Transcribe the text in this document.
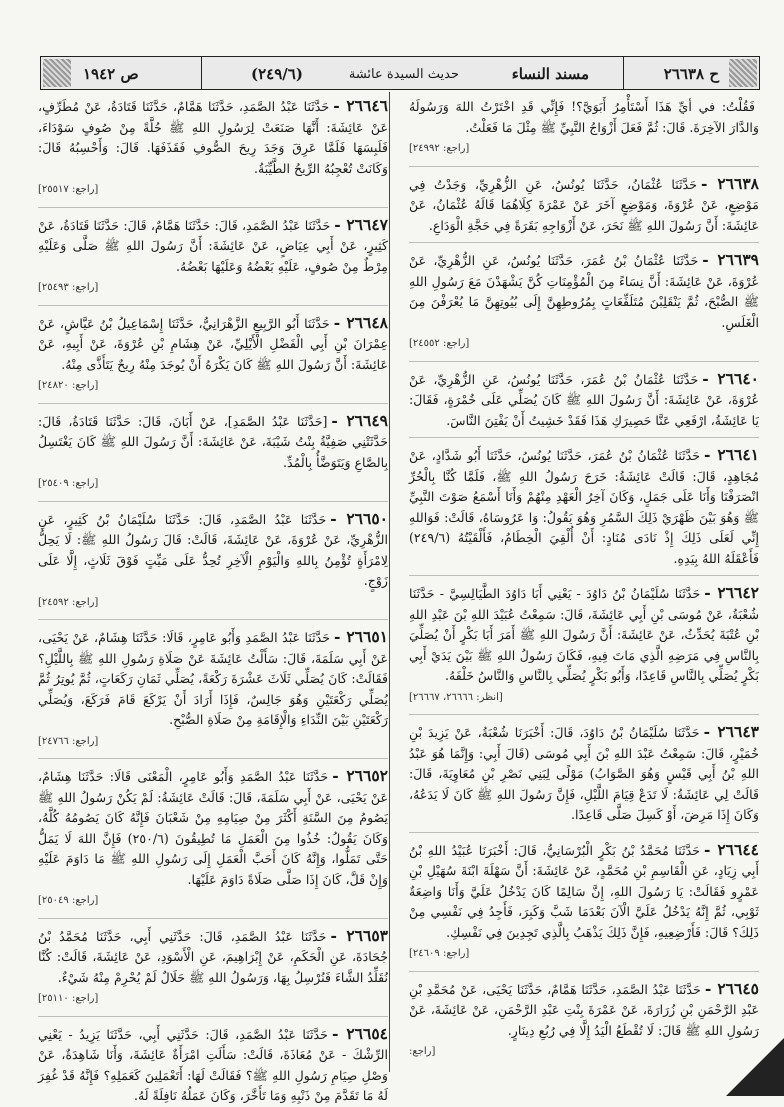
ح ٢٦٦٣٨
مسند النساء
حديث السيدة عائشة
(٢٤٩/٦)
ص ١٩٤٢
فَقُلْتُ: في أيِّ هَذَا أَسْتَأْمِرُ أَبَوَيَّ؟! فَإِنِّي قَدِ اخْتَرْتُ اللهَ وَرَسُولَهُ وَالدَّارَ الآخِرَةَ. قَالَ: ثُمَّ فَعَلَ أَزْوَاجُ النَّبِيِّ ﷺ مِثْلَ مَا فَعَلْتُ.
[راجع: ٢٤٩٩٢]
٢٦٦٣٨ -حَدَّثَنَا عُثْمَانُ، حَدَّثَنَا يُونُسُ، عَنِ الزُّهْرِيِّ، وَجَدْتُ فِي مَوْضِعٍ، عَنْ عُرْوَةَ، وَمَوْضِعٍ آخَرَ عَنْ عَمْرَةَ كِلَاهُمَا قَالَهُ عُثْمَانُ، عَنْ عَائِشَةَ: أَنَّ رَسُولَ اللهِ ﷺ نَحَرَ، عَنْ أَزْوَاجِهِ بَقَرَةً فِي حَجَّةِ الْوَدَاعِ.
٢٦٦٣٩ -حَدَّثَنَا عُثْمَانُ بْنُ عُمَرَ، حَدَّثَنَا يُونُسُ، عَنِ الزُّهْرِيِّ، عَنْ عُرْوَةَ، عَنْ عَائِشَةَ: أَنَّ نِسَاءً مِنَ الْمُؤْمِنَاتِ كُنَّ يَشْهَدْنَ مَعَ رَسُولِ اللهِ ﷺ الصُّبْحَ، ثُمَّ يَنْقَلِبْنَ مُتَلَفِّعَاتٍ بِمُرُوطِهِنَّ إِلَى بُيُوتِهِنَّ مَا يُعْرَفْنَ مِنَ الْغَلَسِ.
[راجع: ٢٤٥٥٢]
٢٦٦٤٠ -حَدَّثَنَا عُثْمَانُ بْنُ عُمَرَ، حَدَّثَنَا يُونُسُ، عَنِ الزُّهْرِيِّ، عَنْ عُرْوَةَ، عَنْ عَائِشَةَ: أَنَّ رَسُولَ اللهِ ﷺ كَانَ يُصَلِّي عَلَى خُمْرَةٍ، فَقَالَ: يَا عَائِشَةُ، ارْفَعِي عَنَّا حَصِيرَكِ هَذَا فَقَدْ خَشِيتُ أَنْ يَفْتِنَ النَّاسَ.
٢٦٦٤١ -حَدَّثَنَا عُثْمَانُ بْنُ عُمَرَ، حَدَّثَنَا يُونُسُ، حَدَّثَنَا أَبُو شَدَّادٍ، عَنْ مُجَاهِدٍ، قَالَ: قَالَتْ عَائِشَةُ: خَرَجَ رَسُولُ اللهِ ﷺ، فَلَمَّا كُنَّا بِالْحُرِّ انْصَرَفْنَا وَأَنَا عَلَى جَمَلٍ، وَكَانَ آخِرُ الْعَهْدِ مِنْهُمْ وَأَنَا أَسْمَعُ صَوْتَ النَّبِيِّ ﷺ وَهُوَ بَيْنَ ظَهْرَيْ ذَلِكَ السَّمُرِ وَهُوَ يَقُولُ: وَا عَرُوسَاهُ، قَالَتْ: فَوَاللهِ إِنِّي لَعَلَى ذَلِكَ إِذْ نَادَى مُنَادٍ: أَنْ أُلْقِيَ الْخِطَامُ، فَأَلْقَيْتُهُ (٢٤٩/٦) فَأَعْقَلَهُ اللهُ بِيَدِهِ.
٢٦٦٤٢ -حَدَّثَنَا سُلَيْمَانُ بْنُ دَاوُدَ - يَعْنِي أَبَا دَاوُدَ الطَّيَالِسِيَّ - حَدَّثَنَا شُعْبَةُ، عَنْ مُوسَى بْنِ أَبِي عَائِشَةَ، قَالَ: سَمِعْتُ عُبَيْدَ اللهِ بْنَ عَبْدِ اللهِ بْنِ عُتْبَةَ يُحَدِّثُ، عَنْ عَائِشَةَ: أَنَّ رَسُولَ اللهِ ﷺ أَمَرَ أَبَا بَكْرٍ أَنْ يُصَلِّيَ بِالنَّاسِ فِي مَرَضِهِ الَّذِي مَاتَ فِيهِ، فَكَانَ رَسُولُ اللهِ ﷺ بَيْنَ يَدَيْ أَبِي بَكْرٍ يُصَلِّي بِالنَّاسِ قَاعِدًا، وَأَبُو بَكْرٍ يُصَلِّي بِالنَّاسِ وَالنَّاسُ خَلْفَهُ.
[انظر: ٢٦٦٦٦، ٢٦٦٦٧]
٢٦٦٤٣ -حَدَّثَنَا سُلَيْمَانُ بْنُ دَاوُدَ، قَالَ: أَخْبَرَنَا شُعْبَةُ، عَنْ يَزِيدَ بْنِ خُمَيْرٍ، قَالَ: سَمِعْتُ عَبْدَ اللهِ بْنَ أَبِي مُوسَى (قَالَ أَبِي: وَإِنَّمَا هُوَ عَبْدُ اللهِ بْنُ أَبِي قَيْسٍ وَهُوَ الصَّوَابُ) مَوْلًى لِبَنِي نَصْرِ بْنِ مُعَاوِيَةَ، قَالَ: قَالَتْ لِي عَائِشَةُ: لَا تَدَعْ قِيَامَ اللَّيْلِ، فَإِنَّ رَسُولَ اللهِ ﷺ كَانَ لَا يَدَعُهُ، وَكَانَ إِذَا مَرِضَ، أَوْ كَسِلَ صَلَّى قَاعِدًا.
٢٦٦٤٤ -حَدَّثَنَا مُحَمَّدُ بْنُ بَكْرٍ الْبُرْسَانِيُّ، قَالَ: أَخْبَرَنَا عُبَيْدُ اللهِ بْنُ أَبِي زِيَادٍ، عَنِ الْقَاسِمِ بْنِ مُحَمَّدٍ، عَنْ عَائِشَةَ: أَنَّ سَهْلَةَ ابْنَةَ سُهَيْلِ بْنِ عَمْرٍو فَقَالَتْ: يَا رَسُولَ اللهِ، إِنَّ سَالِمًا كَانَ يَدْخُلُ عَلَيَّ وَأَنَا وَاضِعَةٌ ثَوْبِي، ثُمَّ إِنَّهُ يَدْخُلُ عَلَيَّ الْآنَ بَعْدَمَا شَبَّ وَكَبِرَ، فَأَجِدُ فِي نَفْسِي مِنْ ذَلِكَ؟ قَالَ: فَأَرْضِعِيهِ، فَإِنَّ ذَلِكَ يَذْهَبُ بِالَّذِي تَجِدِينَ فِي نَفْسِكِ.
[راجع: ٢٤٦٠٩]
٢٦٦٤٥ -حَدَّثَنَا عَبْدُ الصَّمَدِ، حَدَّثَنَا هَمَّامٌ، حَدَّثَنَا يَحْيَى، عَنْ مُحَمَّدِ بْنِ عَبْدِ الرَّحْمَنِ بْنِ زُرَارَةَ، عَنْ عَمْرَةَ بِنْتِ عَبْدِ الرَّحْمَنِ، عَنْ عَائِشَةَ، عَنْ رَسُولِ اللهِ ﷺ قَالَ: لَا تُقْطَعُ الْيَدُ إِلَّا فِي رُبُعِ دِينَارٍ.
[راجع:
٢٦٦٤٦ -حَدَّثَنَا عَبْدُ الصَّمَدِ، حَدَّثَنَا هَمَّامٌ، حَدَّثَنَا قَتَادَةُ، عَنْ مُطَرِّفٍ، عَنْ عَائِشَةَ: أَنَّهَا صَنَعَتْ لِرَسُولِ اللهِ ﷺ حُلَّةً مِنْ صُوفٍ سَوْدَاءَ، فَلَبِسَهَا فَلَمَّا عَرِقَ وَجَدَ رِيحَ الصُّوفِ فَقَذَفَهَا. قَالَ: وَأَحْسِبُهُ قَالَ: وَكَانَتْ تُعْجِبُهُ الرِّيحُ الطَّيِّبَةُ.
[راجع: ٢٥٥١٧]
٢٦٦٤٧ -حَدَّثَنَا عَبْدُ الصَّمَدِ، قَالَ: حَدَّثَنَا هَمَّامٌ، قَالَ: حَدَّثَنَا قَتَادَةُ، عَنْ كَثِيرٍ، عَنْ أَبِي عِيَاضٍ، عَنْ عَائِشَةَ: أَنَّ رَسُولَ اللهِ ﷺ صَلَّى وَعَلَيْهِ مِرْطٌ مِنْ صُوفٍ، عَلَيْهِ بَعْضُهُ وَعَلَيْهَا بَعْضُهُ.
[راجع: ٢٥٤٩٣]
٢٦٦٤٨ -حَدَّثَنَا أَبُو الرَّبِيعِ الزَّهْرَانِيُّ، حَدَّثَنَا إِسْمَاعِيلُ بْنُ عَيَّاشٍ، عَنْ عِمْرَانَ بْنِ أَبِي الْفَضْلِ الْأَيْلِيِّ، عَنْ هِشَامِ بْنِ عُرْوَةَ، عَنْ أَبِيهِ، عَنْ عَائِشَةَ: أَنَّ رَسُولَ اللهِ ﷺ كَانَ يَكْرَهُ أَنْ يُوجَدَ مِنْهُ رِيحٌ يَتَأَذَّى مِنْهُ.
[راجع: ٢٤٨٢٠]
٢٦٦٤٩ -[حَدَّثَنَا عَبْدُ الصَّمَدِ]، عَنْ أَبَانَ، قَالَ: حَدَّثَنَا قَتَادَةُ، قَالَ: حَدَّثَتْنِي صَفِيَّةُ بِنْتُ شَيْبَةَ، عَنْ عَائِشَةَ: أَنَّ رَسُولَ اللهِ ﷺ كَانَ يَغْتَسِلُ بِالصَّاعِ وَيَتَوَضَّأُ بِالْمُدِّ.
[راجع: ٢٥٤٠٩]
٢٦٦٥٠ -حَدَّثَنَا عَبْدُ الصَّمَدِ، قَالَ: حَدَّثَنَا سُلَيْمَانُ بْنُ كَثِيرٍ، عَنِ الزُّهْرِيِّ، عَنْ عُرْوَةَ، عَنْ عَائِشَةَ، قَالَتْ: قَالَ رَسُولُ اللهِ ﷺ: لَا يَحِلُّ لِامْرَأَةٍ تُؤْمِنُ بِاللهِ وَالْيَوْمِ الْآخِرِ تُحِدُّ عَلَى مَيِّتٍ فَوْقَ ثَلَاثٍ، إِلَّا عَلَى زَوْجٍ.
[راجع: ٢٤٥٩٢]
٢٦٦٥١ -حَدَّثَنَا عَبْدُ الصَّمَدِ وَأَبُو عَامِرٍ، قَالَا: حَدَّثَنَا هِشَامٌ، عَنْ يَحْيَى، عَنْ أَبِي سَلَمَةَ، قَالَ: سَأَلْتُ عَائِشَةَ عَنْ صَلَاةِ رَسُولِ اللهِ ﷺ بِاللَّيْلِ؟ فَقَالَتْ: كَانَ يُصَلِّي ثَلَاثَ عَشْرَةَ رَكْعَةً، يُصَلِّي ثَمَانِ رَكَعَاتٍ، ثُمَّ يُوتِرُ ثُمَّ يُصَلِّي رَكْعَتَيْنِ وَهُوَ جَالِسٌ، فَإِذَا أَرَادَ أَنْ يَرْكَعَ قَامَ فَرَكَعَ، وَيُصَلِّي رَكْعَتَيْنِ بَيْنَ النِّدَاءِ وَالْإِقَامَةِ مِنْ صَلَاةِ الصُّبْحِ.
[راجع: ٢٤٧٦٦]
٢٦٦٥٢ -حَدَّثَنَا عَبْدُ الصَّمَدِ وَأَبُو عَامِرٍ، الْمَعْنَى قَالَا: حَدَّثَنَا هِشَامٌ، عَنْ يَحْيَى، عَنْ أَبِي سَلَمَةَ، قَالَ: قَالَتْ عَائِشَةُ: لَمْ يَكُنْ رَسُولُ اللهِ ﷺ يَصُومُ مِنَ السَّنَةِ أَكْثَرَ مِنْ صِيَامِهِ مِنْ شَعْبَانَ فَإِنَّهُ كَانَ يَصُومُهُ كُلَّهُ، وَكَانَ يَقُولُ: خُذُوا مِنَ الْعَمَلِ مَا تُطِيقُونَ (٢٥٠/٦) فَإِنَّ اللهَ لَا يَمَلُّ حَتَّى تَمَلُّوا، وَإِنَّهُ كَانَ أَحَبَّ الْعَمَلِ إِلَى رَسُولِ اللهِ ﷺ مَا دَاوَمَ عَلَيْهِ وَإِنْ قَلَّ، كَانَ إِذَا صَلَّى صَلَاةً دَاوَمَ عَلَيْهَا.
[راجع: ٢٥٠٤٩]
٢٦٦٥٣ -حَدَّثَنَا عَبْدُ الصَّمَدِ، قَالَ: حَدَّثَنِي أَبِي، حَدَّثَنَا مُحَمَّدُ بْنُ جُحَادَةَ، عَنِ الْحَكَمِ، عَنْ إِبْرَاهِيمَ، عَنِ الْأَسْوَدِ، عَنْ عَائِشَةَ، قَالَتْ: كُنَّا نُقَلِّدُ الشَّاءَ فَنُرْسِلُ بِهَا، وَرَسُولُ اللهِ ﷺ حَلَالٌ لَمْ يُحْرِمْ مِنْهُ شَيْءٌ.
[راجع: ٢٥١١٠]
٢٦٦٥٤ -حَدَّثَنَا عَبْدُ الصَّمَدِ، قَالَ: حَدَّثَنِي أَبِي، حَدَّثَنَا يَزِيدُ - يَعْنِي الرِّشْكَ - عَنْ مُعَاذَةَ، قَالَتْ: سَأَلَتِ امْرَأَةٌ عَائِشَةَ، وَأَنَا شَاهِدَةٌ، عَنْ وَصْلِ صِيَامِ رَسُولِ اللهِ ﷺ؟ فَقَالَتْ لَهَا: أَتَعْمَلِينَ كَعَمَلِهِ؟ فَإِنَّهُ قَدْ غُفِرَ لَهُ مَا تَقَدَّمَ مِنْ ذَنْبِهِ وَمَا تَأَخَّرَ، وَكَانَ عَمَلُهُ نَافِلَةً لَهُ.
